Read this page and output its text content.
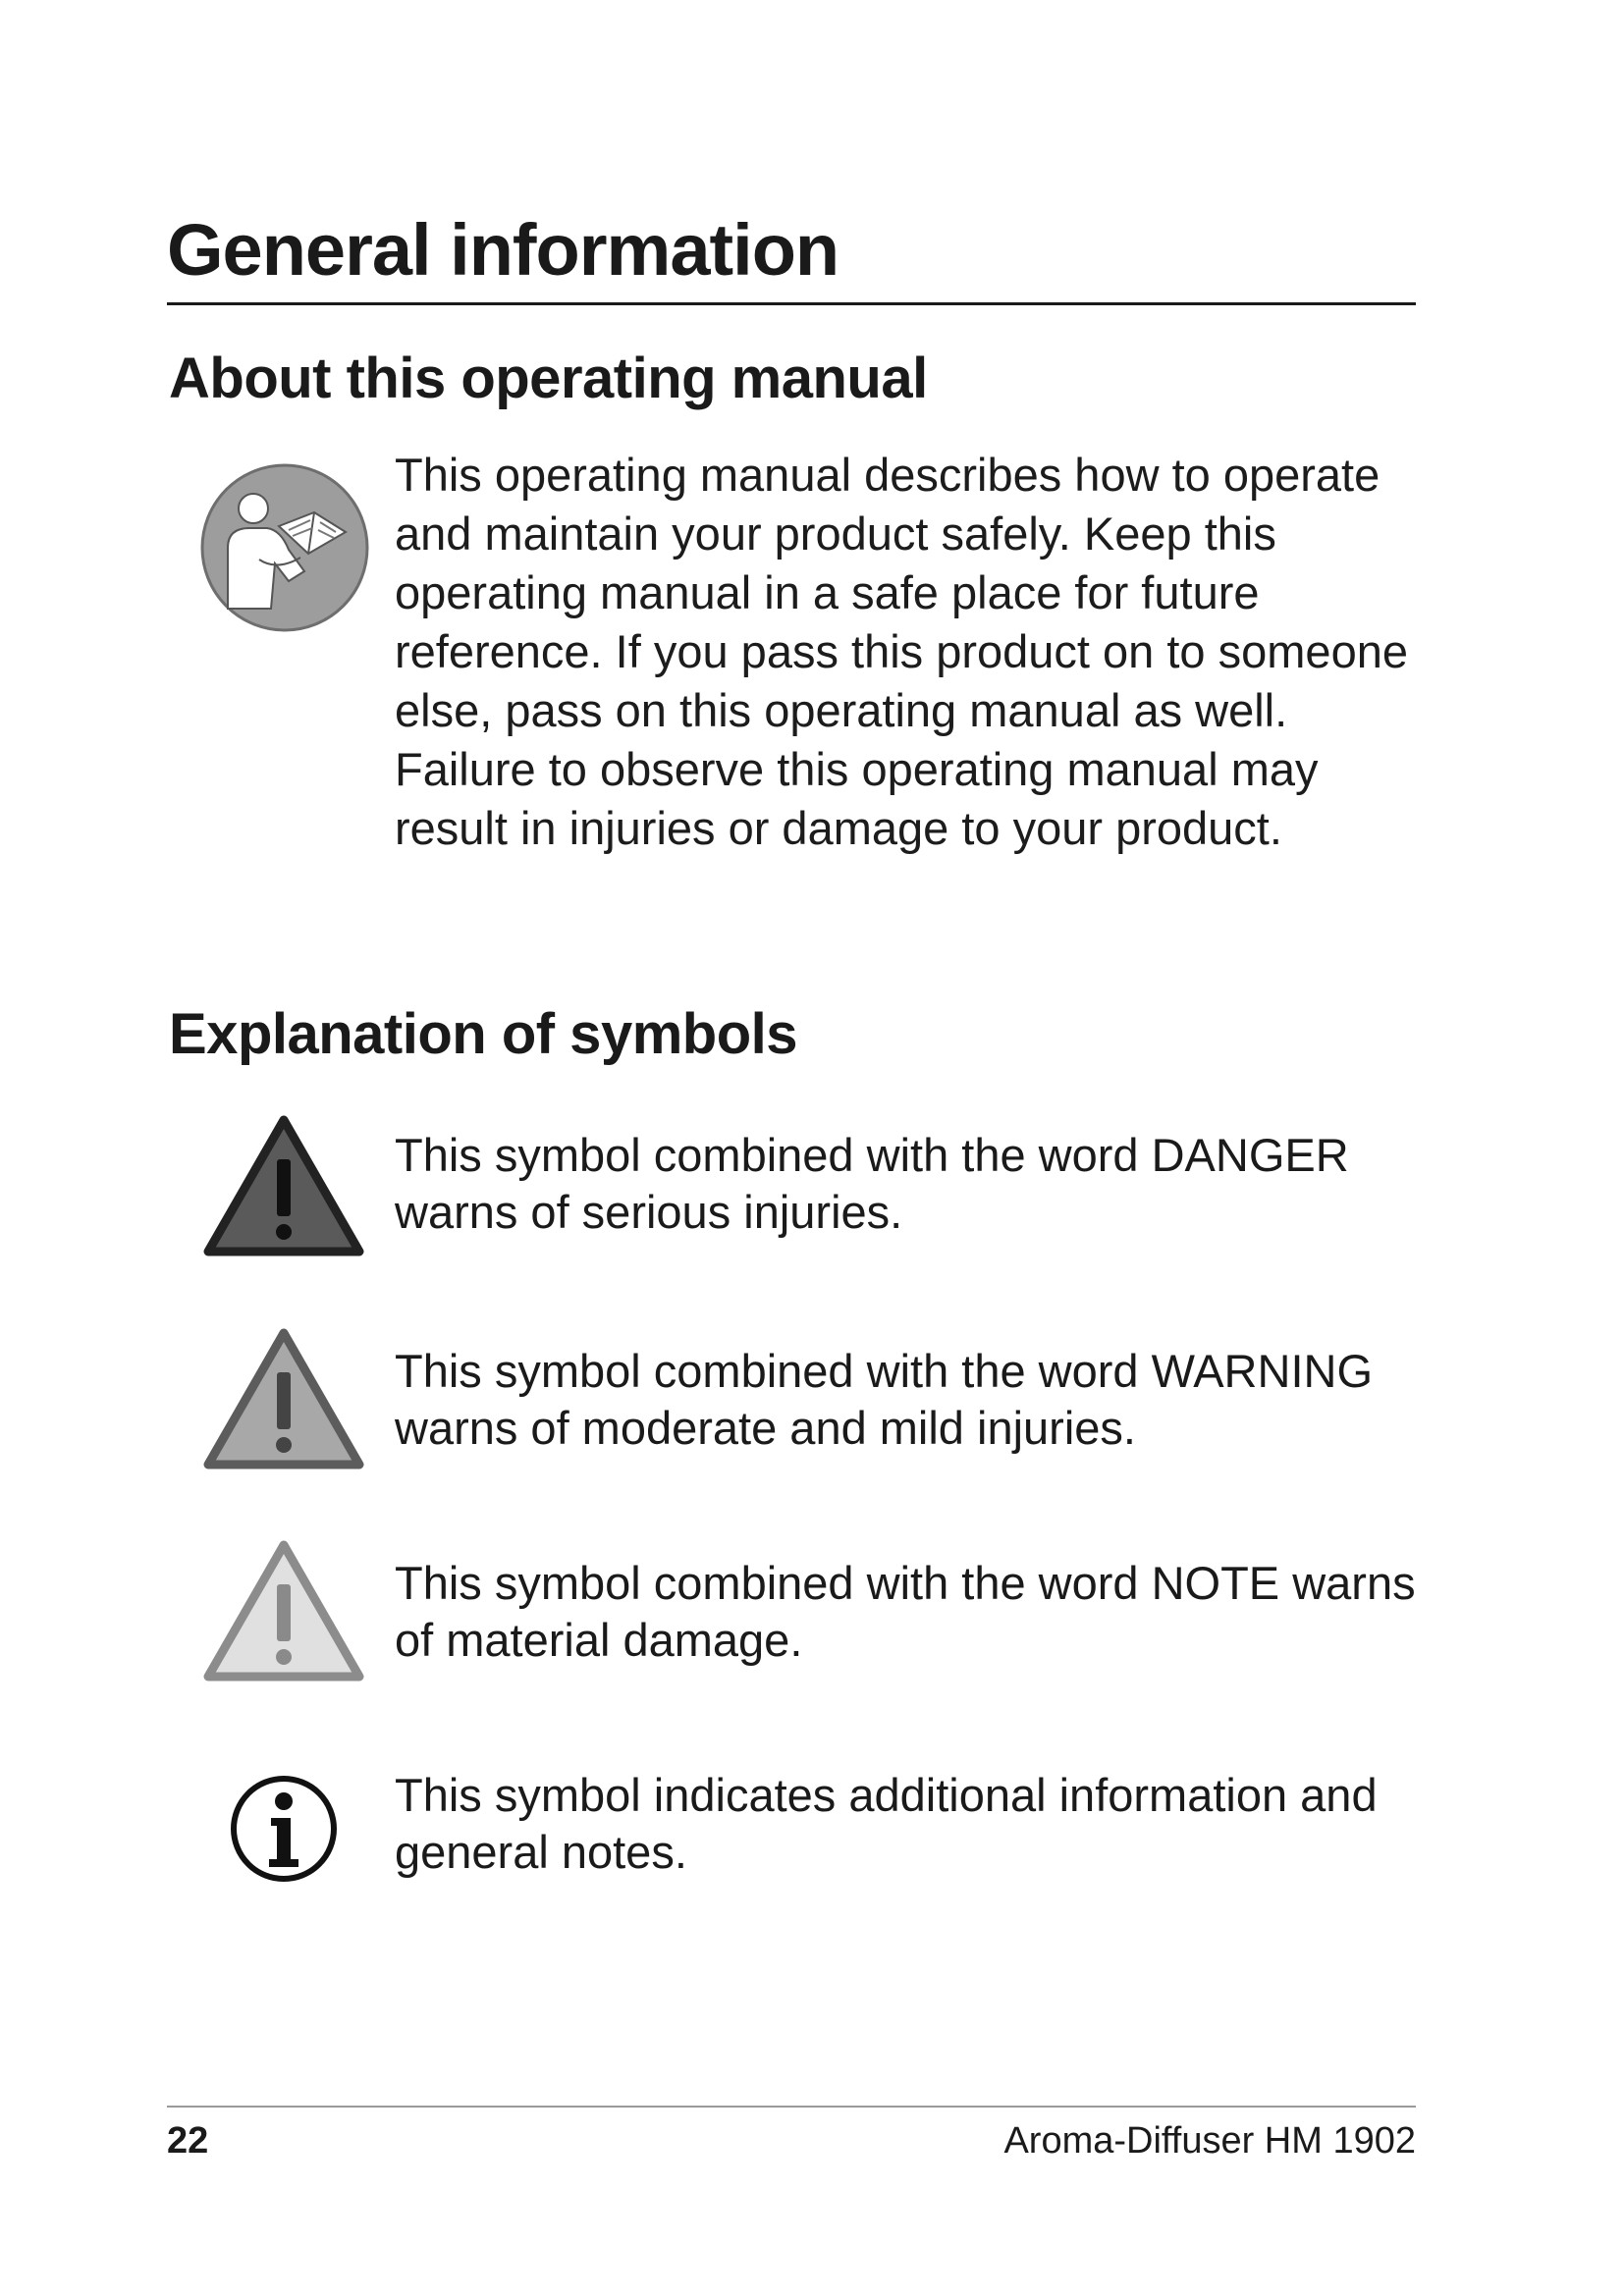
General information
About this operating manual

This operating manual describes how to operate and maintain your product safely. Keep this operating manual in a safe place for future reference. If you pass this product on to someone else, pass on this operating manual as well. Failure to observe this operating manual may result in injuries or damage to your product.

Explanation of symbols

This symbol combined with the word DANGER warns of serious injuries.

This symbol combined with the word WARNING warns of moderate and mild injuries.

This symbol combined with the word NOTE warns of material damage.

This symbol indicates additional information and general notes.

22	Aroma-Diffuser HM 1902
